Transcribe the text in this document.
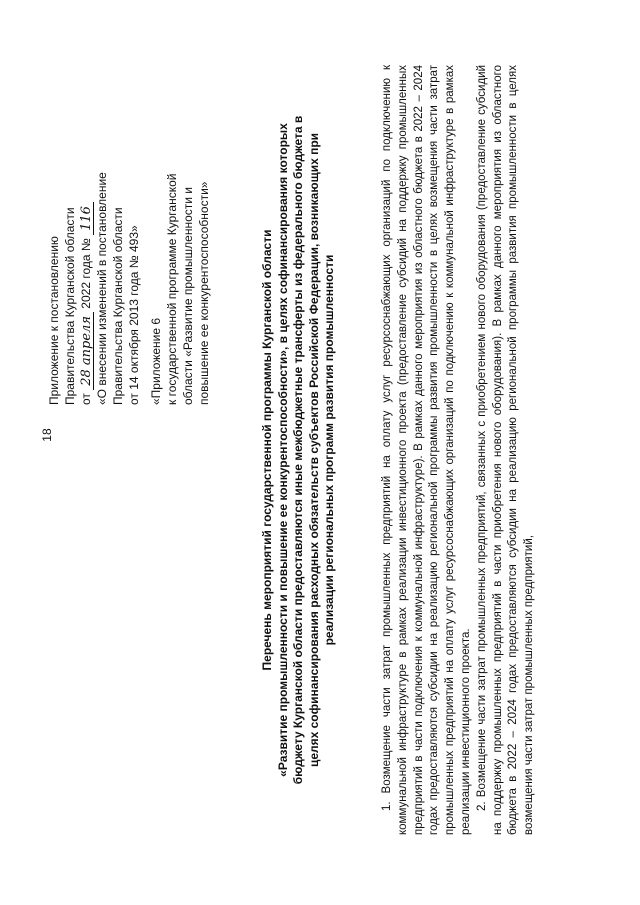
18
Приложение к постановлению Правительства Курганской области от 28 апреля 2022 года № 116 «О внесении изменений в постановление Правительства Курганской области от 14 октября 2013 года № 493» «Приложение 6 к государственной программе Курганской области «Развитие промышленности и повышение ее конкурентоспособности»	Перечень мероприятий государственной программы Курганской области «Развитие промышленности и повышение ее конкурентоспособности», в целях софинансирования которых бюджету Курганской области предоставляются иные межбюджетные трансферты из федерального бюджета в целях софинансирования расходных обязательств субъектов Российской Федерации, возникающих при реализации региональных программ развития промышленности	1. Возмещение части затрат промышленных предприятий на оплату услуг ресурсоснабжающих организаций по подключению к коммунальной инфраструктуре в рамках реализации инвестиционного проекта (предоставление субсидий на поддержку промышленных предприятий в части подключения к коммунальной инфраструктуре). В рамках данного мероприятия из областного бюджета в 2022 – 2024 годах предоставляются субсидии на реализацию региональной программы развития промышленности в целях возмещения части затрат промышленных предприятий на оплату услуг ресурсоснабжающих организаций по подключению к коммунальной инфраструктуре в рамках реализации инвестиционного проекта. 2. Возмещение части затрат промышленных предприятий, связанных с приобретением нового оборудования (предоставление субсидий на поддержку промышленных предприятий в части приобретения нового оборудования). В рамках данного мероприятия из областного бюджета в 2022 – 2024 годах предоставляются субсидии на реализацию региональной программы развития промышленности в целях возмещения части затрат промышленных предприятий,
